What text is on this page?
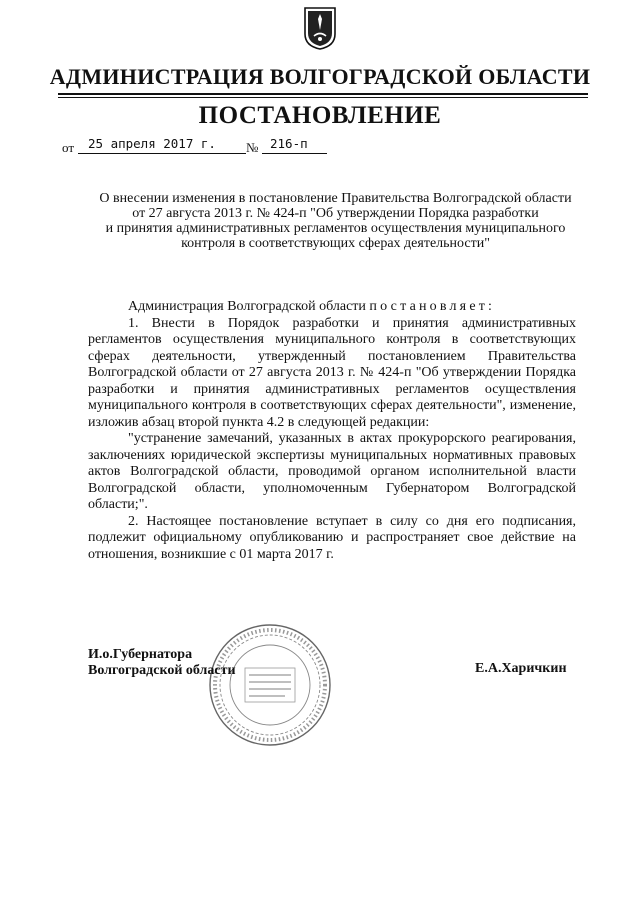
АДМИНИСТРАЦИЯ ВОЛГОГРАДСКОЙ ОБЛАСТИ
ПОСТАНОВЛЕНИЕ
от 25 апреля 2017 г. № 216-п
О внесении изменения в постановление Правительства Волгоградской области
от 27 августа 2013 г. № 424-п "Об утверждении Порядка разработки
и принятия административных регламентов осуществления муниципального
контроля в соответствующих сферах деятельности"

Администрация Волгоградской области постановляет:

1. Внести в Порядок разработки и принятия административных регламентов осуществления муниципального контроля в соответствующих сферах деятельности, утвержденный постановлением Правительства Волгоградской области от 27 августа 2013 г. № 424-п "Об утверждении Порядка разработки и принятия административных регламентов осуществления муниципального контроля в соответствующих сферах деятельности", изменение, изложив абзац второй пункта 4.2 в следующей редакции:

"устранение замечаний, указанных в актах прокурорского реагирования, заключениях юридической экспертизы муниципальных нормативных правовых актов Волгоградской области, проводимой органом исполнительной власти Волгоградской области, уполномоченным Губернатором Волгоградской области;".

2. Настоящее постановление вступает в силу со дня его подписания, подлежит официальному опубликованию и распространяет свое действие на отношения, возникшие с 01 марта 2017 г.

И.о.Губернатора
Волгоградской области	Е.А.Харичкин
